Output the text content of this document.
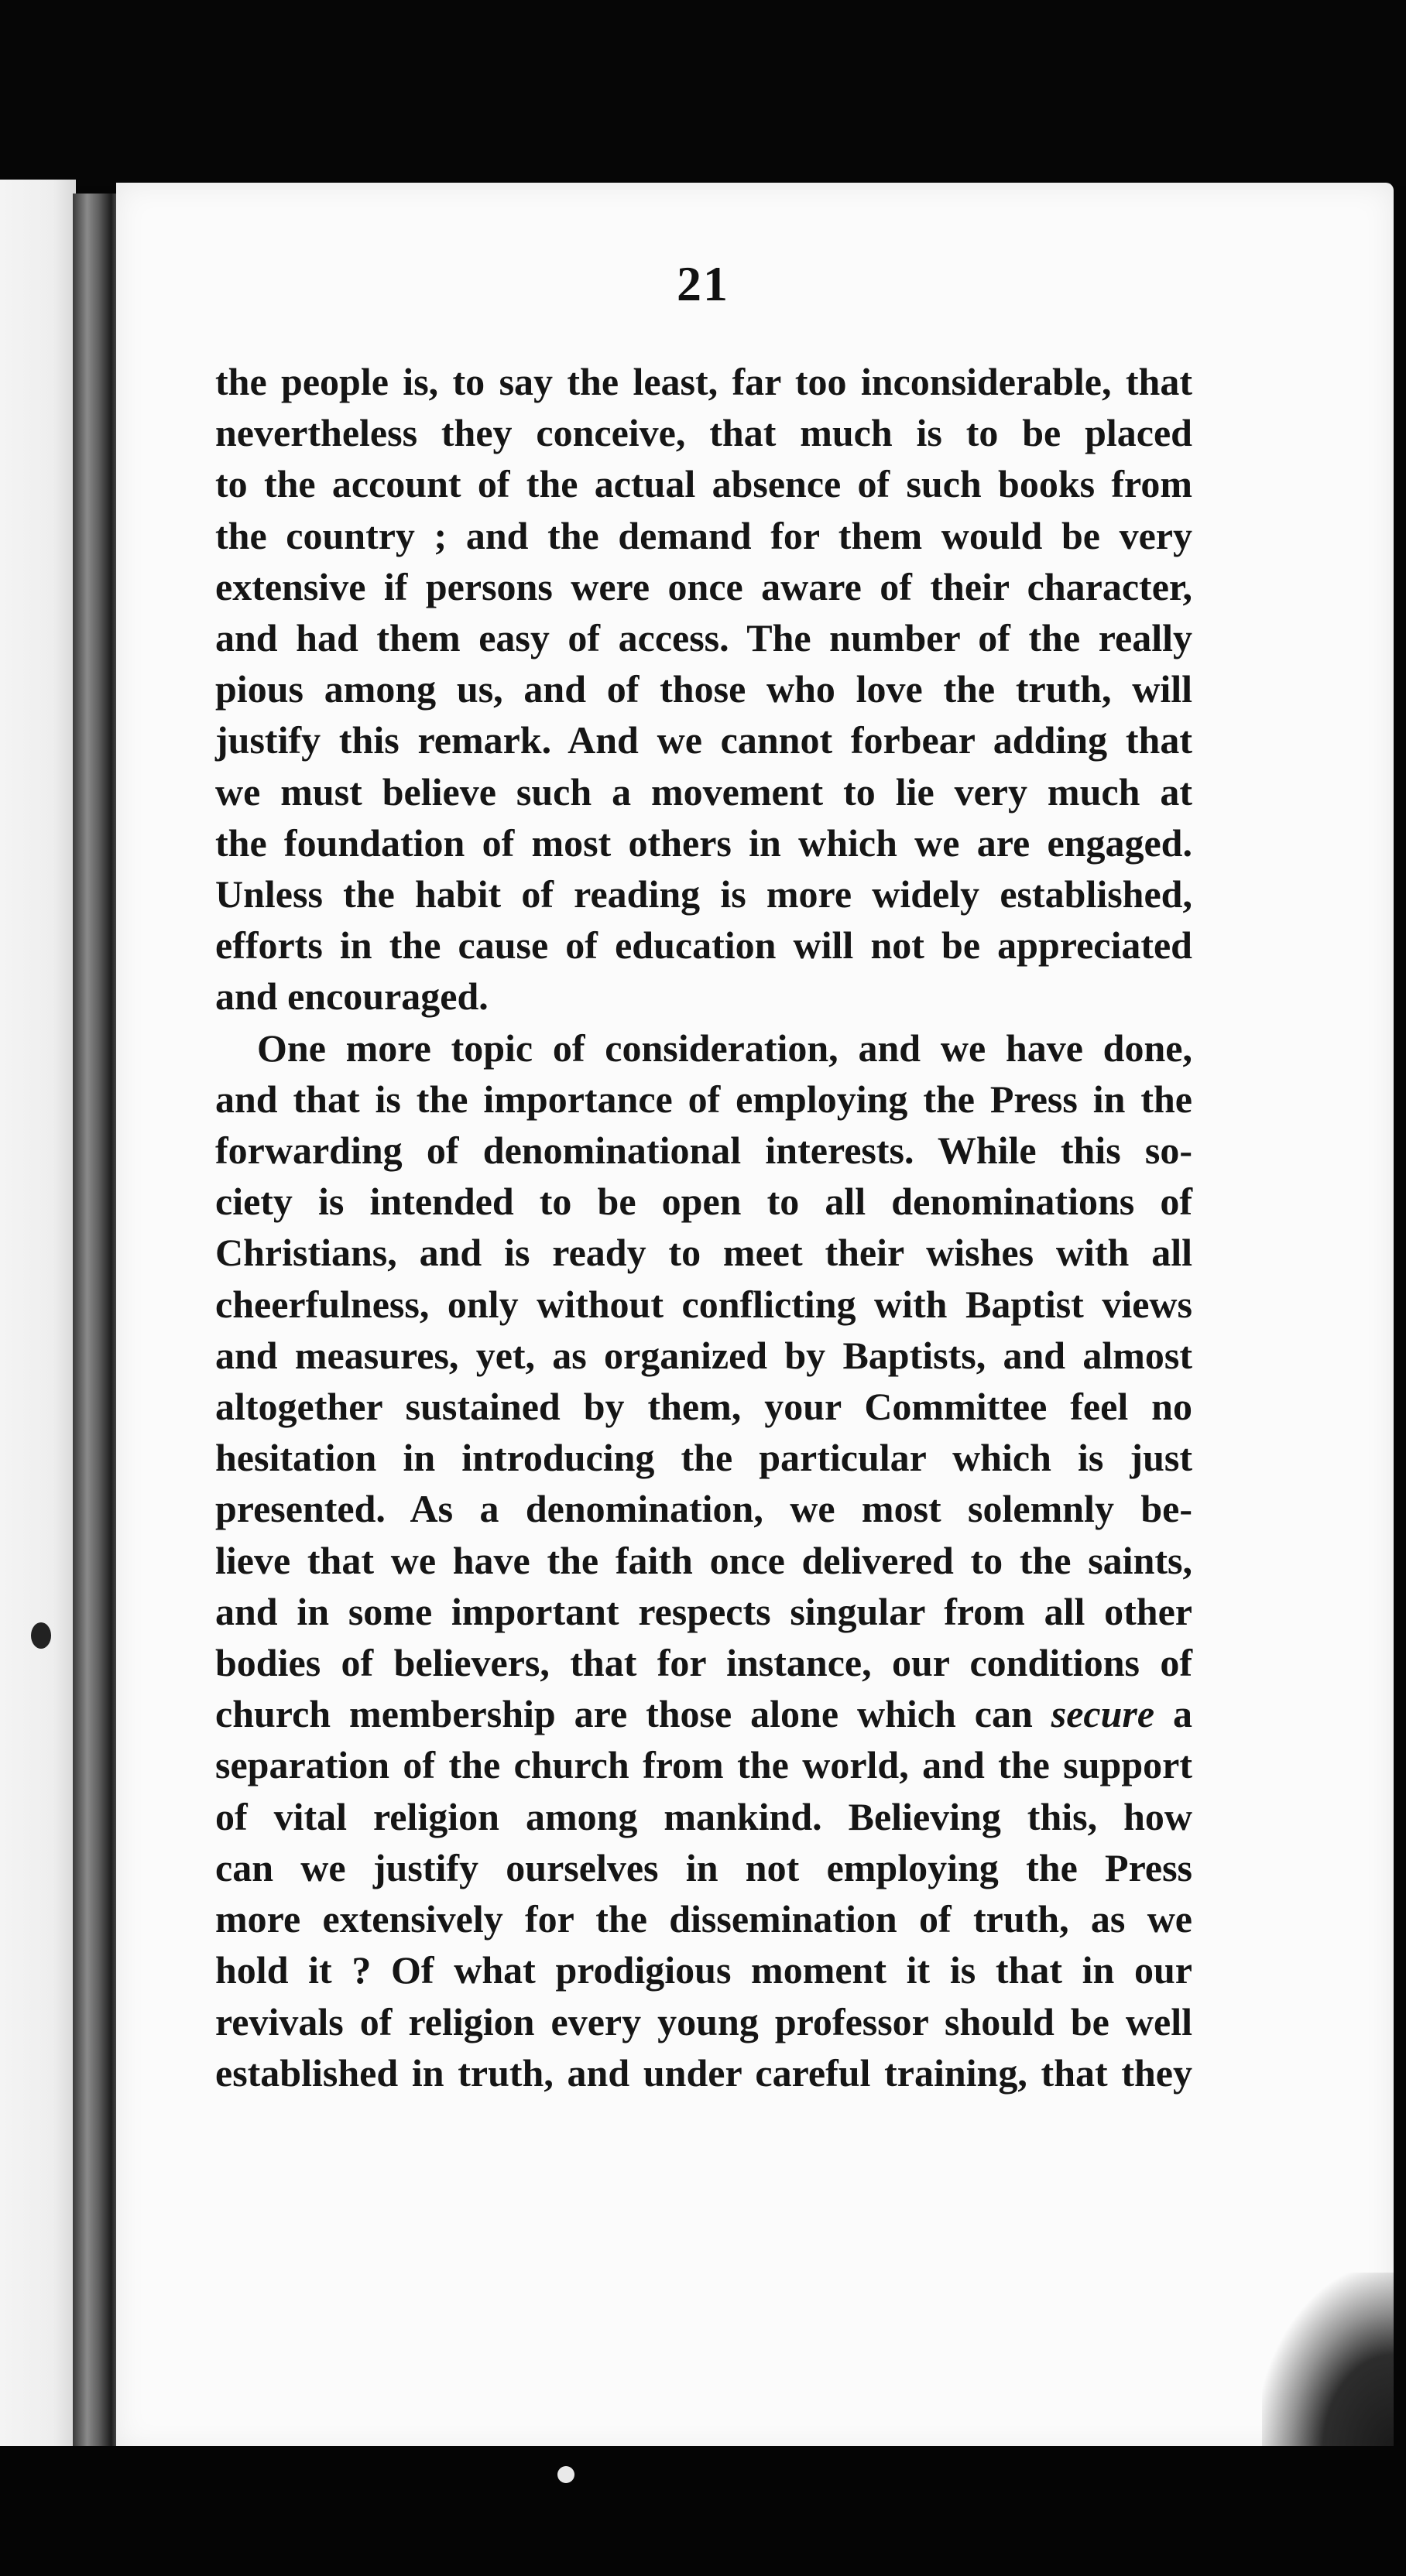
21
the people is, to say the least, far too inconsiderable, that
nevertheless they conceive, that much is to be placed
to the account of the actual absence of such books from
the country ; and the demand for them would be very
extensive if persons were once aware of their character,
and had them easy of access. The number of the really
pious among us, and of those who love the truth, will
justify this remark. And we cannot forbear adding that
we must believe such a movement to lie very much at
the foundation of most others in which we are engaged.
Unless the habit of reading is more widely established,
efforts in the cause of education will not be appreciated
and encouraged.
One more topic of consideration, and we have done,
and that is the importance of employing the Press in the
forwarding of denominational interests. While this so-
ciety is intended to be open to all denominations of
Christians, and is ready to meet their wishes with all
cheerfulness, only without conflicting with Baptist views
and measures, yet, as organized by Baptists, and almost
altogether sustained by them, your Committee feel no
hesitation in introducing the particular which is just
presented. As a denomination, we most solemnly be-
lieve that we have the faith once delivered to the saints,
and in some important respects singular from all other
bodies of believers, that for instance, our conditions of
church membership are those alone which can secure a
separation of the church from the world, and the support
of vital religion among mankind. Believing this, how
can we justify ourselves in not employing the Press
more extensively for the dissemination of truth, as we
hold it ? Of what prodigious moment it is that in our
revivals of religion every young professor should be well
established in truth, and under careful training, that they
